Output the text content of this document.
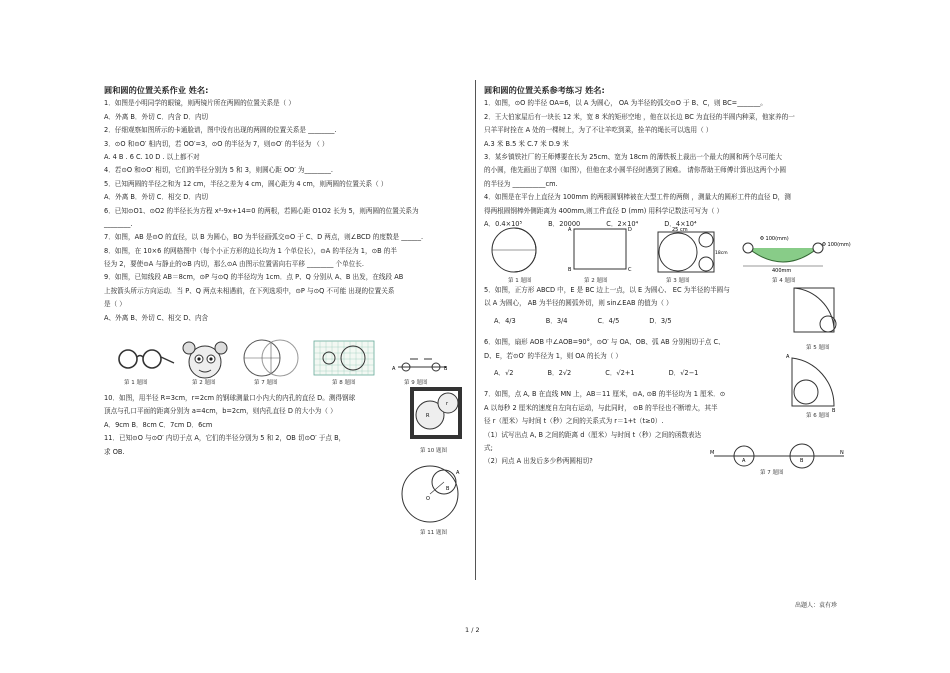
圆和圆的位置关系作业 姓名:
1．如图是小明同学的眼镜，则两镜片所在两圆的位置关系是（ ）
A．外离 B．外切 C．内含 D．内切
2．仔细观察如图所示的卡通脸谱，图中没有出现的两圆的位置关系是 ________.
3．⊙O 和⊙O′ 相内切，若 OO′=3，⊙O 的半径为 7，则⊙O′ 的半径为 （ ）
A. 4 B . 6 C. 10 D . 以上都不对
4．若⊙O 和⊙O′ 相切，它们的半径分别为 5 和 3，则圆心距 OO′ 为________.
5．已知两圆的半径之和为 12 cm，半径之差为 4 cm，圆心距为 4 cm，则两圆的位置关系（ ）
A．外离 B．外切 C．相交 D．内切
6．已知⊙O1、⊙O2 的半径长为方程 x²-9x+14=0 的两根，若圆心距 O1O2 长为 5，则两圆的位置关系为
________.
7．如图，AB 是⊙O 的直径，以 B 为圆心，BO 为半径画弧交⊙O 于 C、D 两点，则∠BCD 的度数是 ______.
8．如图，在 10×6 的网格图中（每个小正方形的边长均为 1 个单位长），⊙A 的半径为 1，⊙B 的半
径为 2，要使⊙A 与静止的⊙B 内切，那么⊙A 由图示位置需向右平移 ________ 个单位长.
9．如图，已知线段 AB＝8cm，⊙P 与⊙Q 的半径均为 1cm．点 P、Q 分别从 A、B 出发，在线段 AB
上按箭头所示方向运动．当 P、Q 两点未相遇前，在下列选项中，⊙P 与⊙Q 不可能 出现的位置关系
是（ ）
A、外离 B、外切 C、相交 D、内含
10．如图，用半径 R=3cm，r=2cm 的钢球测量口小内大的内孔的直径 D。测得钢球
顶点与孔口平面的距离分别为 a=4cm，b=2cm，则内孔直径 D 的大小为（ ）
A．9cm B．8cm C．7cm D．6cm
11．已知⊙O 与⊙O′ 内切于点 A，它们的半径分别为 5 和 2，OB 切⊙O′ 于点 B，
求 OB.
第 1 题图	第 2 题图	第 7 题图	第 8 题图
A	B
第 9 题图
R
r
第 10 题图
A
B
O
第 11 题图
圆和圆的位置关系参考练习 姓名:
1．如图，⊙O 的半径 OA=6，以 A 为圆心， OA 为半径的弧交⊙O 于 B、C，则 BC=_______。
2．王大伯家屋后有一块长 12 米，宽 8 米的矩形空地 ，他在以长边 BC 为直径的半圆内种菜，他家养的一
只羊平时拴在 A 处的一棵树上，为了不让羊吃到菜，拴羊的绳长可以选用（ ）
A.3 米 B.5 米 C.7 米 D.9 米
3．某乡镇铁社厂的王师傅要在长为 25cm、宽为 18cm 的薄铁板上裁出一个最大的圆和两个尽可能大
的小圆，他先画出了草图（如图），但他在求小圆半径时遇到了困难。 请你帮助王师傅计算出这两个小圆
的半径为 __________cm.
4．如图是在平台上直径为 100mm 的两根圆钢棒被在大型工件的两侧 ，测量大的圆形工件的直径 D，测
得两根圆钢棒外侧距离为 400mm,则工件直径 D (mm) 用科学记数法可写为（ ）
A．0.4×10⁵	B．20000	C．2×10⁴	D．4×10⁴
第 1 题图
A	D
B	C
第 2 题图
25 cm
18cm
第 3 题图
Φ 100(mm)
Φ 100(mm)
400mm
第 4 题图
5．如图，正方形 ABCD 中，E 是 BC 边上一点，以 E 为圆心、 EC 为半径的半圆与
以 A 为圆心， AB 为半径的圆弧外切，则 sin∠EAB 的值为（ ）
A．4/3	B．3/4	C．4/5	D．3/5
6．如图，扇形 AOB 中∠AOB=90°，⊙O′ 与 OA、OB、弧 AB 分别相切于点 C、
D、E，若⊙O′ 的半径为 1，则 OA 的长为（ ）
A．√2	B．2√2	C．√2+1	D．√2−1
7．如图，点 A, B 在直线 MN 上，AB＝11 厘米，⊙A, ⊙B 的半径均为 1 厘米．⊙
A 以每秒 2 厘米的速度自左向右运动，与此同时， ⊙B 的半径也不断增大，其半
径 r（厘米）与时间 t（秒）之间的关系式为 r＝1+t（t≥0）.
（1）试写出点 A, B 之间的距离 d（厘米）与时间 t（秒）之间的函数表达
式;
（2）问点 A 出发后多少秒两圆相切?
第 5 题图
A
B
第 6 题图
M	N
A	B
第 7 题图
出题人：袁有珍
1 / 2
